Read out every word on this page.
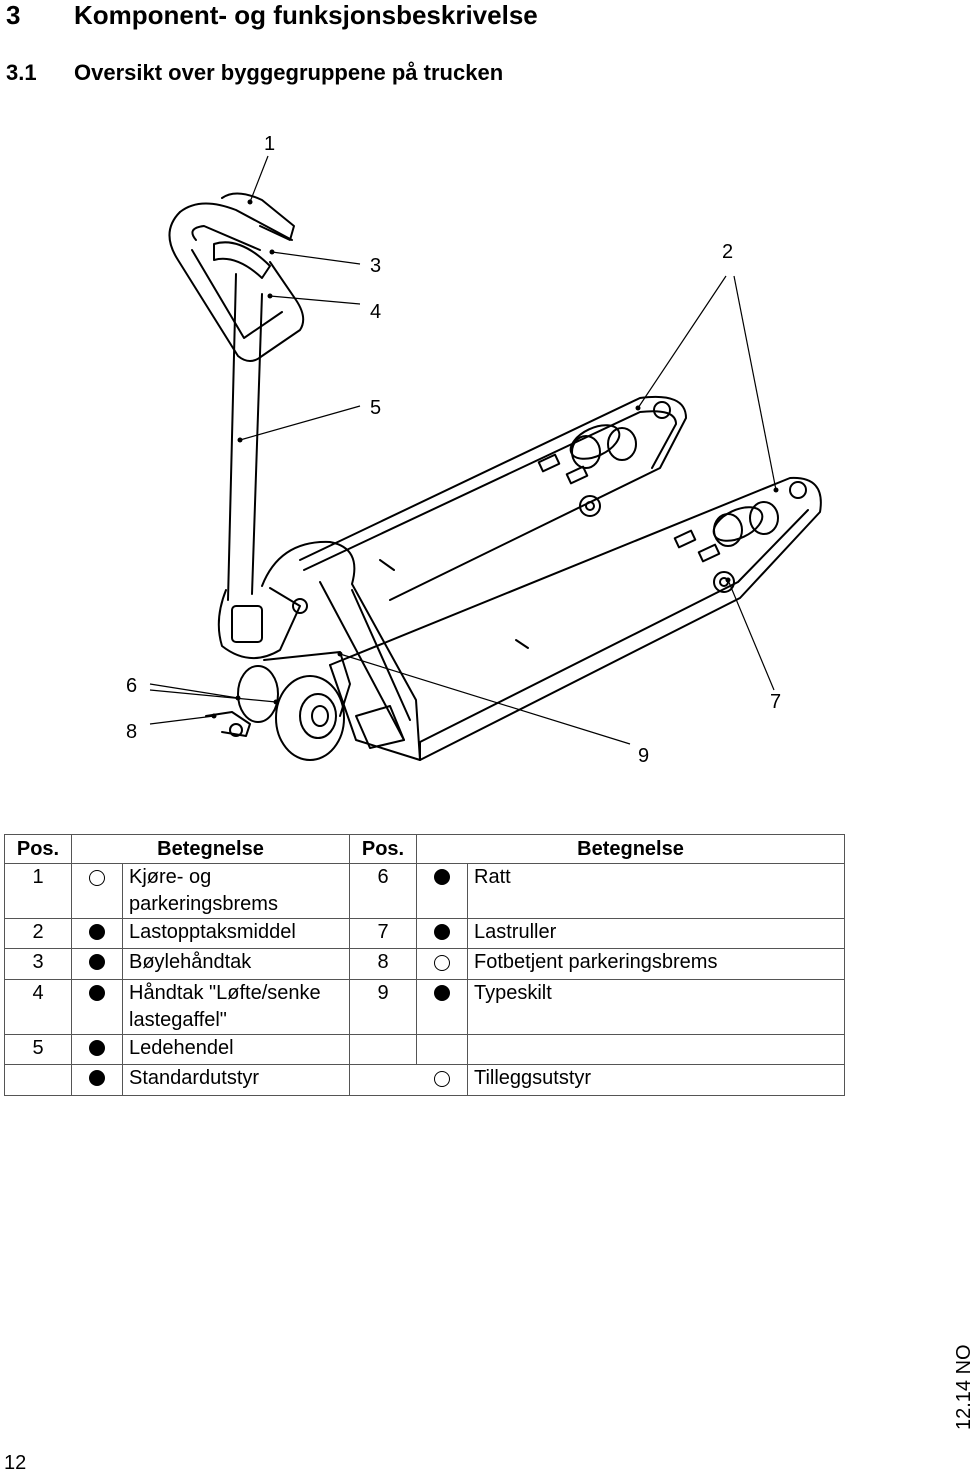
3 Komponent- og funksjonsbeskrivelse
3.1 Oversikt over byggegruppene på trucken
1
2
3
4
5
6
7
8
9
Pos.	Betegnelse		Pos.	Betegnelse	
1		Kjøre- og parkeringsbrems	6		Ratt
2		Lastopptaksmiddel	7		Lastruller
3		Bøylehåndtak	8		Fotbetjent parkeringsbrems
4		Håndtak "Løfte/senke lastegaffel"	9		Typeskilt
5		Ledehendel			
		Standardutstyr			Tilleggsutstyr
12
12.14 NO
